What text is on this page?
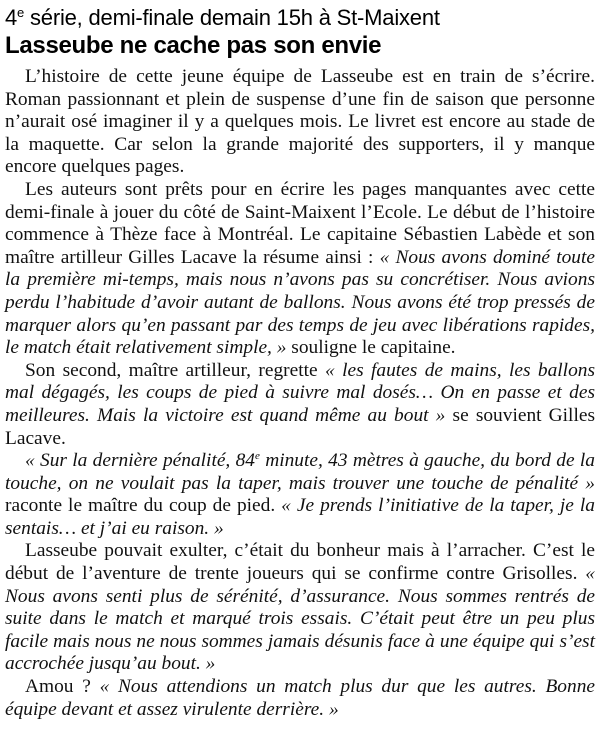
4e série, demi-finale demain 15h à St-Maixent
Lasseube ne cache pas son envie

L’histoire de cette jeune équipe de Lasseube est en train de s’écrire. Roman passionnant et plein de suspense d’une fin de saison que personne n’aurait osé imaginer il y a quelques mois. Le livret est encore au stade de la maquette. Car selon la grande majorité des supporters, il y manque encore quelques pages.

Les auteurs sont prêts pour en écrire les pages manquantes avec cette demi-finale à jouer du côté de Saint-Maixent l’Ecole. Le début de l’histoire commence à Thèze face à Montréal. Le capitaine Sébastien Labède et son maître artilleur Gilles Lacave la résume ainsi : « Nous avons dominé toute la première mi-temps, mais nous n’avons pas su concrétiser. Nous avions perdu l’habitude d’avoir autant de ballons. Nous avons été trop pressés de marquer alors qu’en passant par des temps de jeu avec libérations rapides, le match était relativement simple, » souligne le capitaine.

Son second, maître artilleur, regrette « les fautes de mains, les ballons mal dégagés, les coups de pied à suivre mal dosés… On en passe et des meilleures. Mais la victoire est quand même au bout » se souvient Gilles Lacave.

« Sur la dernière pénalité, 84e minute, 43 mètres à gauche, du bord de la touche, on ne voulait pas la taper, mais trouver une touche de pénalité » raconte le maître du coup de pied. « Je prends l’initiative de la taper, je la sentais… et j’ai eu raison. »

Lasseube pouvait exulter, c’était du bonheur mais à l’arracher. C’est le début de l’aventure de trente joueurs qui se confirme contre Grisolles. « Nous avons senti plus de sérénité, d’assurance. Nous sommes rentrés de suite dans le match et marqué trois essais. C’était peut être un peu plus facile mais nous ne nous sommes jamais désunis face à une équipe qui s’est accrochée jusqu’au bout. »

Amou ? « Nous attendions un match plus dur que les autres. Bonne équipe devant et assez virulente derrière. »
